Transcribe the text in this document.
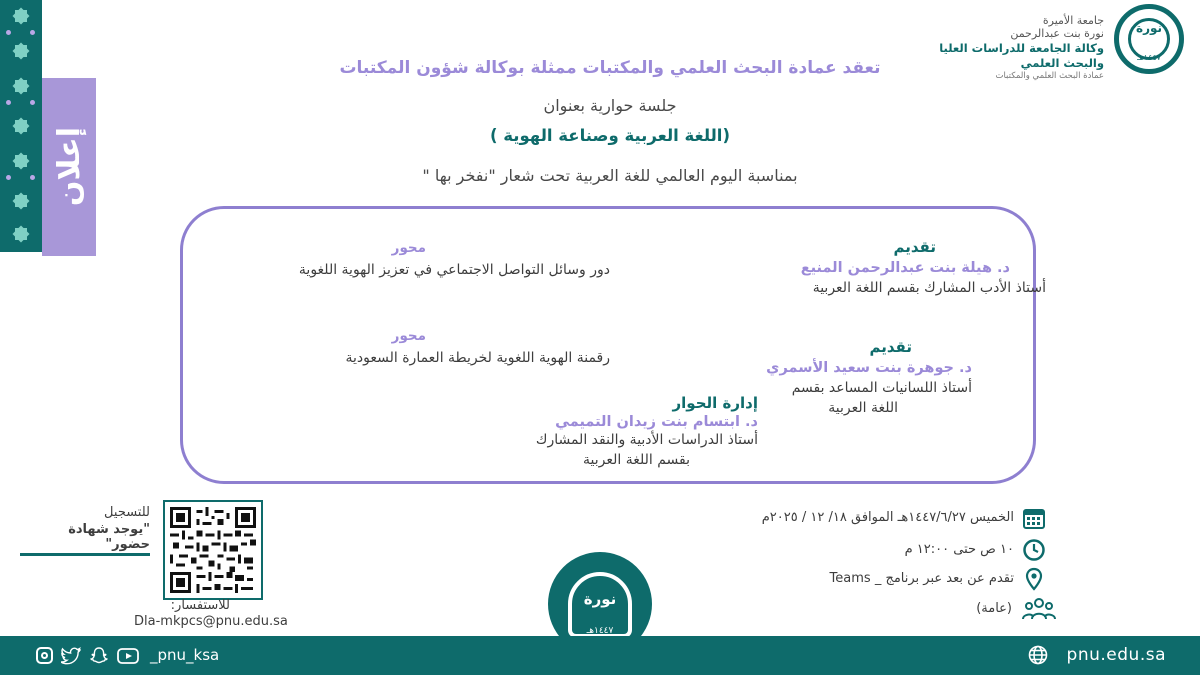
إعلان
نورة
١٤٤٧هـ
جامعة الأميرة
نورة بنت عبدالرحمن
وكالة الجامعة للدراسات العليا
والبحث العلمي
عمادة البحث العلمي والمكتبات
تعقد عمادة البحث العلمي والمكتبات ممثلة بوكالة شؤون المكتبات
جلسة حوارية بعنوان
(اللغة العربية وصناعة الهوية )
بمناسبة اليوم العالمي للغة العربية تحت شعار "نفخر بها "
تقديم
د. هيلة بنت عبدالرحمن المنيع
أستاذ الأدب المشارك بقسم اللغة العربية
تقديم
د. جوهرة بنت سعيد الأسمري
أستاذ اللسانيات المساعد بقسم
اللغة العربية
محور
دور وسائل التواصل الاجتماعي في تعزيز الهوية اللغوية
محور
رقمنة الهوية اللغوية لخريطة العمارة السعودية
إدارة الحوار
د. ابتسام بنت زيدان التميمي
أستاذ الدراسات الأدبية والنقد المشارك
بقسم اللغة العربية
الخميس ١٤٤٧/٦/٢٧هـ الموافق ١٨/ ١٢ / ٢٠٢٥م
١٠ ص حتى ١٢:٠٠ م
تقدم عن بعد عبر برنامج _ Teams
(عامة)
للتسجيل
"يوجد شهادة حضور"
للاستفسار:
Dla-mkpcs@pnu.edu.sa
نورة
١٤٤٧هـ
pnu.edu.sa
_pnu_ksa
